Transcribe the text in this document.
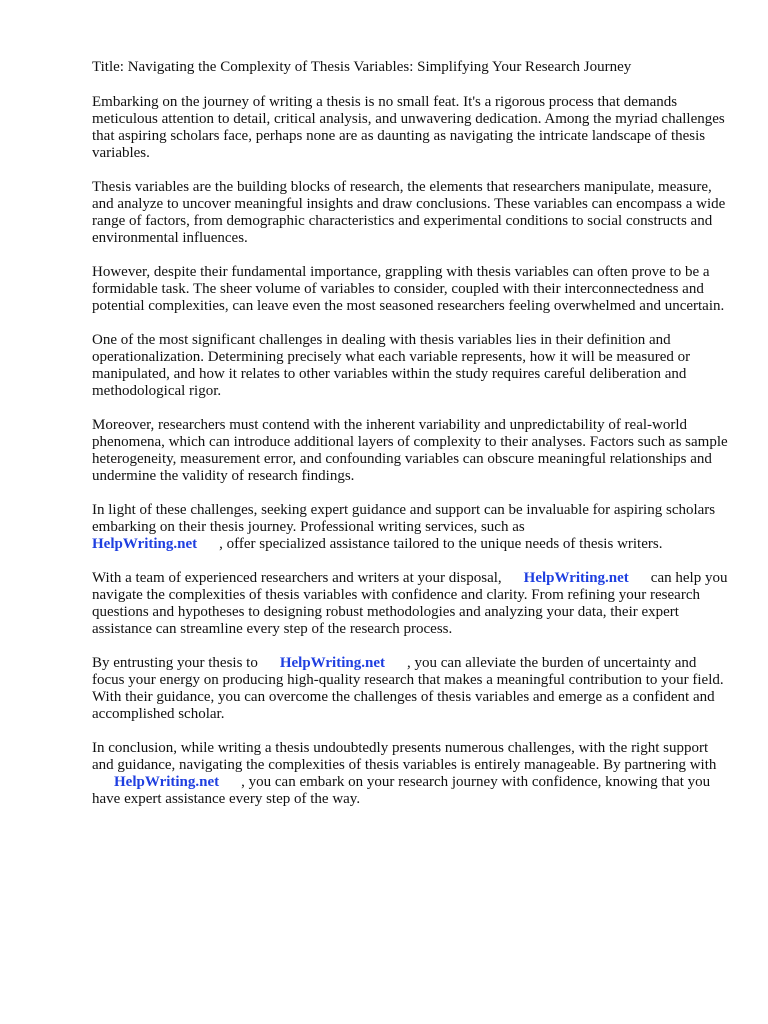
Title: Navigating the Complexity of Thesis Variables: Simplifying Your Research Journey

Embarking on the journey of writing a thesis is no small feat. It's a rigorous process that demands meticulous attention to detail, critical analysis, and unwavering dedication. Among the myriad challenges that aspiring scholars face, perhaps none are as daunting as navigating the intricate landscape of thesis variables.

Thesis variables are the building blocks of research, the elements that researchers manipulate, measure, and analyze to uncover meaningful insights and draw conclusions. These variables can encompass a wide range of factors, from demographic characteristics and experimental conditions to social constructs and environmental influences.

However, despite their fundamental importance, grappling with thesis variables can often prove to be a formidable task. The sheer volume of variables to consider, coupled with their interconnectedness and potential complexities, can leave even the most seasoned researchers feeling overwhelmed and uncertain.

One of the most significant challenges in dealing with thesis variables lies in their definition and operationalization. Determining precisely what each variable represents, how it will be measured or manipulated, and how it relates to other variables within the study requires careful deliberation and methodological rigor.

Moreover, researchers must contend with the inherent variability and unpredictability of real-world phenomena, which can introduce additional layers of complexity to their analyses. Factors such as sample heterogeneity, measurement error, and confounding variables can obscure meaningful relationships and undermine the validity of research findings.

In light of these challenges, seeking expert guidance and support can be invaluable for aspiring scholars embarking on their thesis journey. Professional writing services, such as
HelpWriting.net , offer specialized assistance tailored to the unique needs of thesis writers.

With a team of experienced researchers and writers at your disposal, HelpWriting.net can help you navigate the complexities of thesis variables with confidence and clarity. From refining your research questions and hypotheses to designing robust methodologies and analyzing your data, their expert assistance can streamline every step of the research process.

By entrusting your thesis to HelpWriting.net , you can alleviate the burden of uncertainty and focus your energy on producing high-quality research that makes a meaningful contribution to your field. With their guidance, you can overcome the challenges of thesis variables and emerge as a confident and accomplished scholar.

In conclusion, while writing a thesis undoubtedly presents numerous challenges, with the right support and guidance, navigating the complexities of thesis variables is entirely manageable. By partnering withHelpWriting.net , you can embark on your research journey with confidence, knowing that you have expert assistance every step of the way.
